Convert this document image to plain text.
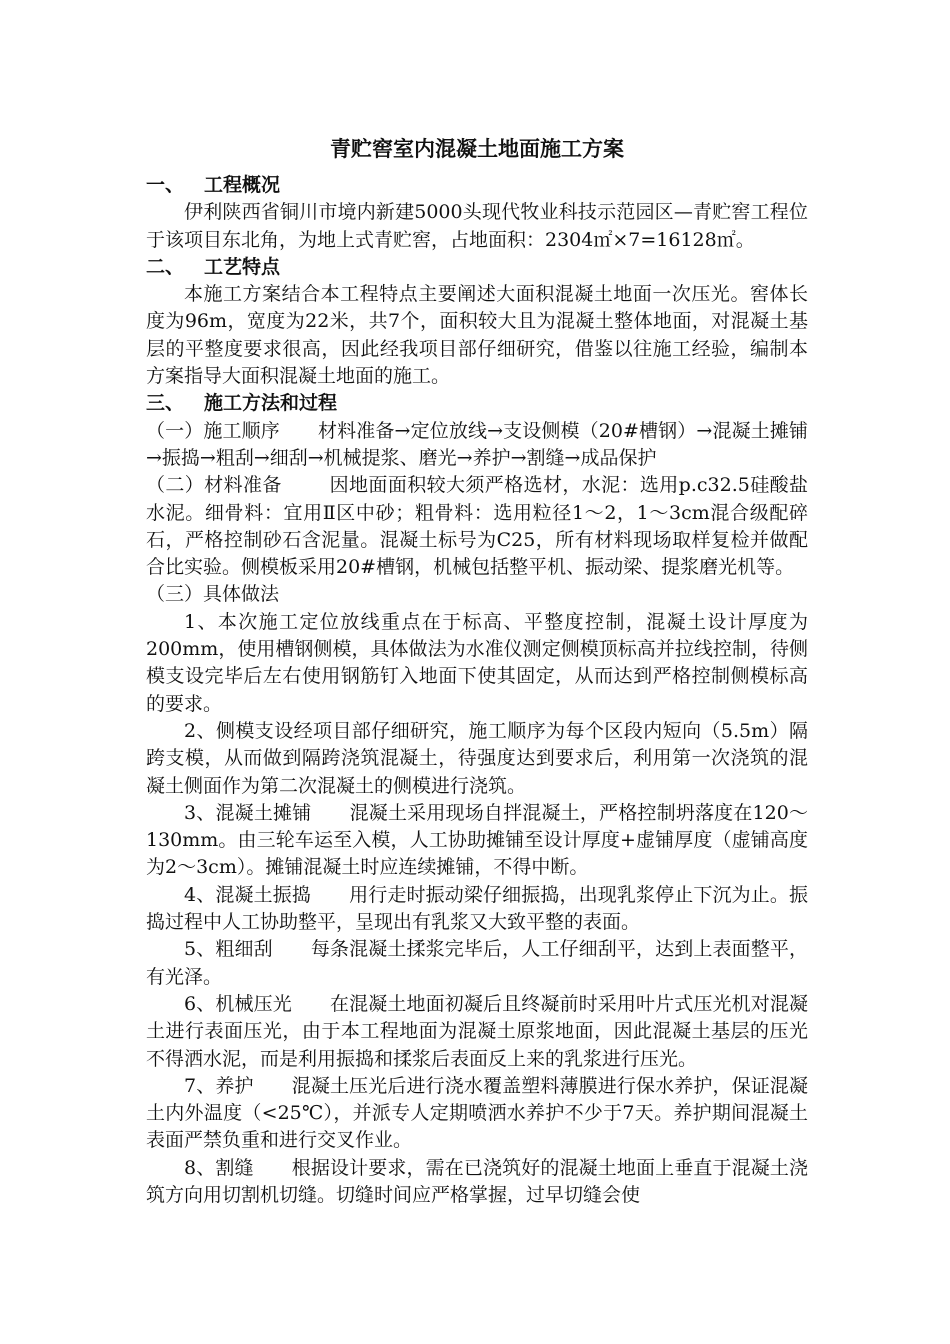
青贮窖室内混凝土地面施工方案
一、 工程概况

伊利陕西省铜川市境内新建5000头现代牧业科技示范园区—青贮窖工程位于该项目东北角，为地上式青贮窖，占地面积：2304㎡×7=16128㎡。

二、 工艺特点

本施工方案结合本工程特点主要阐述大面积混凝土地面一次压光。窖体长度为96m，宽度为22米，共7个，面积较大且为混凝土整体地面，对混凝土基层的平整度要求很高，因此经我项目部仔细研究，借鉴以往施工经验，编制本方案指导大面积混凝土地面的施工。

三、 施工方法和过程

（一）施工顺序 材料准备→定位放线→支设侧模（20#槽钢）→混凝土摊铺→振捣→粗刮→细刮→机械提浆、磨光→养护→割缝→成品保护

（二）材料准备	因地面面积较大须严格选材，水泥：选用p.c32.5硅酸盐水泥。细骨料：宜用Ⅱ区中砂；粗骨料：选用粒径1～2，1～3cm混合级配碎石，严格控制砂石含泥量。混凝土标号为C25，所有材料现场取样复检并做配合比实验。侧模板采用20#槽钢，机械包括整平机、振动梁、提浆磨光机等。

（三）具体做法

1、本次施工定位放线重点在于标高、平整度控制，混凝土设计厚度为200mm，使用槽钢侧模，具体做法为水准仪测定侧模顶标高并拉线控制，待侧模支设完毕后左右使用钢筋钉入地面下使其固定，从而达到严格控制侧模标高的要求。

2、侧模支设经项目部仔细研究，施工顺序为每个区段内短向（5.5m）隔跨支模，从而做到隔跨浇筑混凝土，待强度达到要求后，利用第一次浇筑的混凝土侧面作为第二次混凝土的侧模进行浇筑。

3、混凝土摊铺 混凝土采用现场自拌混凝土，严格控制坍落度在120～130mm。由三轮车运至入模，人工协助摊铺至设计厚度+虚铺厚度（虚铺高度为2～3cm）。摊铺混凝土时应连续摊铺，不得中断。

4、混凝土振捣 用行走时振动梁仔细振捣，出现乳浆停止下沉为止。振捣过程中人工协助整平，呈现出有乳浆又大致平整的表面。

5、粗细刮 每条混凝土揉浆完毕后，人工仔细刮平，达到上表面整平，有光泽。

6、机械压光 在混凝土地面初凝后且终凝前时采用叶片式压光机对混凝土进行表面压光，由于本工程地面为混凝土原浆地面，因此混凝土基层的压光不得洒水泥，而是利用振捣和揉浆后表面反上来的乳浆进行压光。

7、养护 混凝土压光后进行浇水覆盖塑料薄膜进行保水养护，保证混凝土内外温度（<25℃），并派专人定期喷洒水养护不少于7天。养护期间混凝土表面严禁负重和进行交叉作业。

8、割缝 根据设计要求，需在已浇筑好的混凝土地面上垂直于混凝土浇筑方向用切割机切缝。切缝时间应严格掌握，过早切缝会使
